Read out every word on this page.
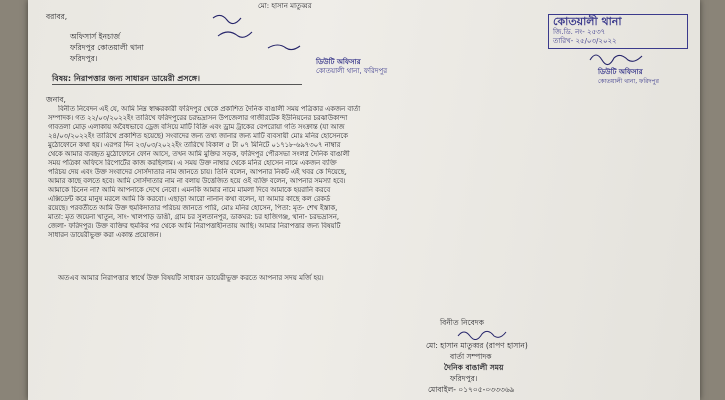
মো: হাসান মাতুব্বর
বরাবর,
অফিসার্স ইনচার্জ
ফরিদপুর কোতয়ালী থানা
ফরিদপুর।	ডিউটি অফিসার
কোতয়ালী থানা, ফরিদপুর
কোতয়ালী থানা
জি.ডি. নং- ২৫৩৭
তারিখ- ২৫/০৩/২০২২
ডিউটি অফিসার
কোতয়ালী থানা, ফরিদপুর
বিষয়: নিরাপত্তার জন্য সাধারন ডায়েরী প্রসঙ্গে।
জনাব,
বিনীত নিবেদন এই যে, আমি নিম্ন স্বাক্ষরকারী ফরিদপুর থেকে প্রকাশিত দৈনিক বাঙালী সময় পত্রিকার একজন বার্তা
সম্পাদক। গত ২২/০৩/২০২২ইং তারিখে ফরিদপুরের চরভদ্রাসন উপজেলার গাজীরটেক ইউনিয়নের চরঝাউকান্দা
গাবতলা মোড় এলাকায় অবৈধভাবে ড্রেজ বসিয়ে মাটি বিক্রি এবং ড্রাম ট্রাকের বেপরোয়া গতি সংক্রান্ত (যা আজ
২৪/০৩/২০২২ইং তারিখে প্রকাশিত হয়েছে) সংবাদের জন্য তথ্য জানার জন্য মাটি ব্যবসায়ী মোঃ মনির হোসেনকে
মুঠোফোনে কথা হয়। এরপর দিন ২৩/০৩/২০২২ইং তারিখে বিকাল ৫ টা ০৭ মিনিটে ০১৭১৮-৬৯৭৩০৭ নাম্বার
থেকে আমার ব্যবহৃত মুঠোফোনে ফোন আসে, তখন আমি মুক্তির সড়ক, ফরিদপুর পৌরসভা সংলগ্ন দৈনিক বাঙালী
সময় পত্রিকা অফিসে রিপোর্টের কাজ করছিলাম। এ সময় উক্ত নাম্বার থেকে মনির হোসেন নামে একজন ব্যক্তি
পরিচয় দেয় এবং উক্ত সংবাদের সোর্সদাতার নাম জানতে চায়। তিনি বলেন, আপনার নিকট এই খবর কে দিয়েছে,
আমার কাছে বলতে হবে। আমি সোর্সদাতার নাম না বলায় উত্তেজিত হয়ে ওই ব্যক্তি বলেন, আপনার সমস্যা হবে।
আমাকে চিনেন না? আমি আপনাকে দেখে নেবো। এমনকি আমার নামে মামলা দিবে আমাকে হয়রানি করবে
এক্সিডেন্ট করে মানুষ মরলে আমি কি করবো। এছাড়া আরো নানান কথা বলেন, যা আমার কাছে কল রেকর্ড
রয়েছে। পরবর্তীতে আমি উক্ত হুমকিদাতার পরিচয় জানতে পারি, মোঃ মনির হোসেন, পিতা: মৃত- শেখ ইস্তাক,
মাতা: মৃত জয়েনা খাতুন, সাং- খালপাড় ডাঙী, গ্রাম চর সুলতানপুর, ডাকঘর: চর হাজিগঞ্জ, থানা- চরভদ্রাসন,
জেলা- ফরিদপুর। উক্ত ব্যক্তির হুমকির পর থেকে আমি নিরাপত্তাহীনতায় আছি। আমার নিরাপত্তার জন্য বিষয়টি
সাধারন ডায়েরীভুক্ত করা একান্ত প্রয়োজন।
অতএব আমার নিরাপত্তার স্বার্থে উক্ত বিষয়টি সাধারন ডায়েরীভুক্ত করতে আপনার সদয় মর্জি হয়।
বিনীত নিবেদক
মো: হাসান মাতুব্বর (রাপণ হাসান)
বার্তা সম্পাদক
দৈনিক বাঙালী সময়
ফরিদপুর।
মোবাইল- ০১৭০৫-০৩৩৩৬৯
